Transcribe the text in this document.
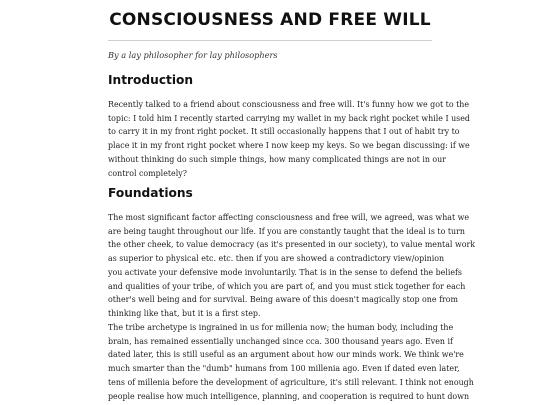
CONSCIOUSNESS AND FREE WILL

By a lay philosopher for lay philosophers

Introduction

Recently talked to a friend about consciousness and free will. It's funny how we got to the
topic: I told him I recently started carrying my wallet in my back right pocket while I used
to carry it in my front right pocket. It still occasionally happens that I out of habit try to
place it in my front right pocket where I now keep my keys. So we began discussing: if we
without thinking do such simple things, how many complicated things are not in our
control completely?

Foundations

The most significant factor affecting consciousness and free will, we agreed, was what we
are being taught throughout our life. If you are constantly taught that the ideal is to turn
the other cheek, to value democracy (as it's presented in our society), to value mental work
as superior to physical etc. etc. then if you are showed a contradictory view/opinion
you activate your defensive mode involuntarily. That is in the sense to defend the beliefs
and qualities of your tribe, of which you are part of, and you must stick together for each
other's well being and for survival. Being aware of this doesn't magically stop one from
thinking like that, but it is a first step.

The tribe archetype is ingrained in us for millenia now; the human body, including the
brain, has remained essentially unchanged since cca. 300 thousand years ago. Even if
dated later, this is still useful as an argument about how our minds work. We think we're
much smarter than the "dumb" humans from 100 millenia ago. Even if dated even later,
tens of millenia before the development of agriculture, it's still relevant. I think not enough
people realise how much intelligence, planning, and cooperation is required to hunt down
